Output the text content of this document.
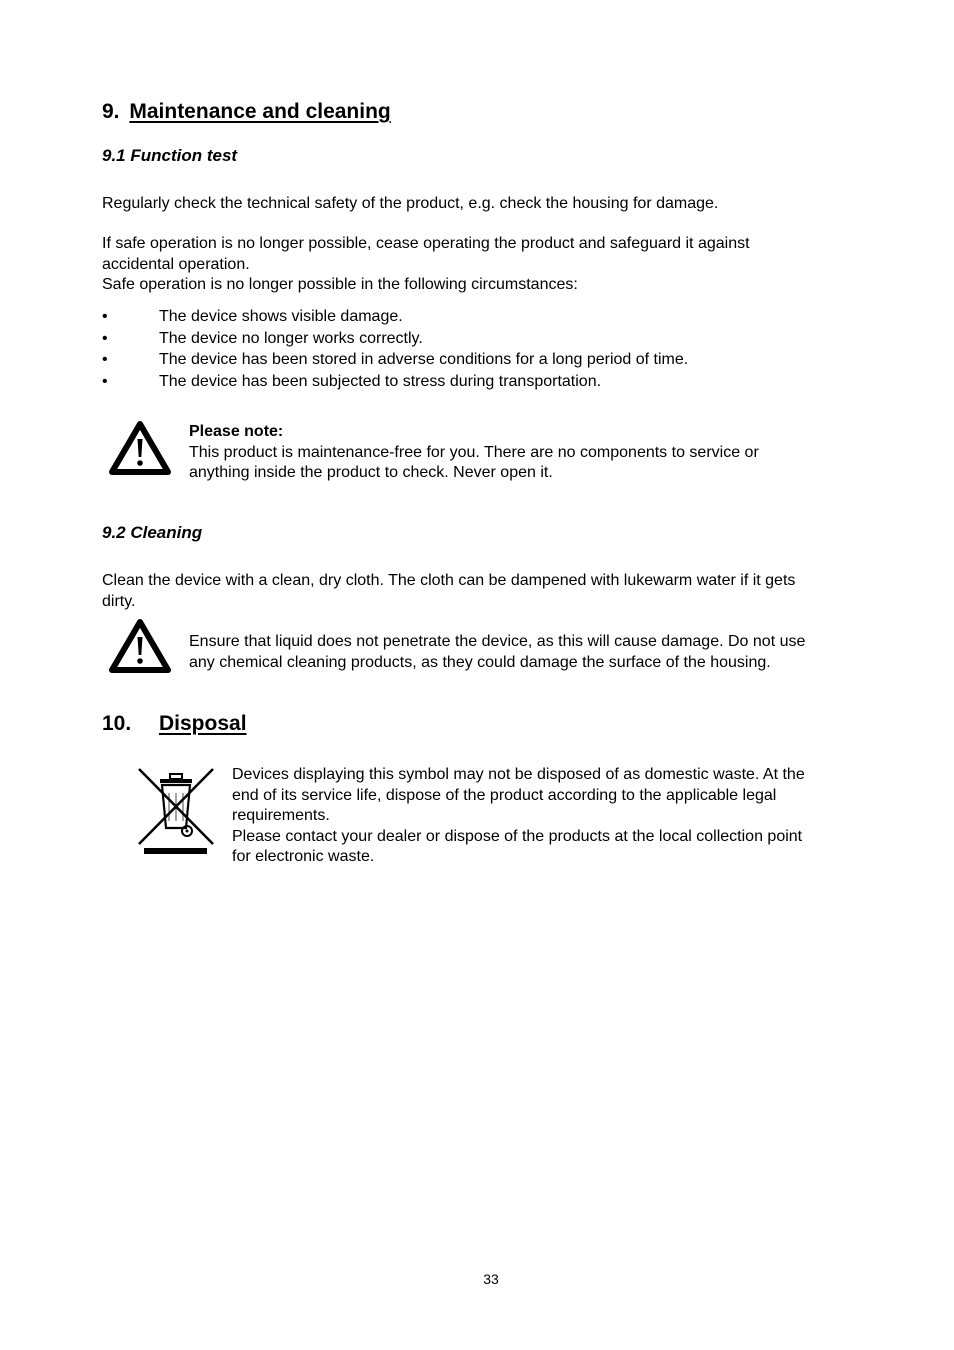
9. Maintenance and cleaning
9.1 Function test
Regularly check the technical safety of the product, e.g. check the housing for damage.
If safe operation is no longer possible, cease operating the product and safeguard it against
accidental operation.
Safe operation is no longer possible in the following circumstances:
•	The device shows visible damage.
•	The device no longer works correctly.
•	The device has been stored in adverse conditions for a long period of time.
•	The device has been subjected to stress during transportation.
Please note:
This product is maintenance-free for you. There are no components to service or
anything inside the product to check. Never open it.
9.2 Cleaning
Clean the device with a clean, dry cloth. The cloth can be dampened with lukewarm water if it gets
dirty.
Ensure that liquid does not penetrate the device, as this will cause damage. Do not use
any chemical cleaning products, as they could damage the surface of the housing.
10. Disposal
Devices displaying this symbol may not be disposed of as domestic waste. At the
end of its service life, dispose of the product according to the applicable legal
requirements.
Please contact your dealer or dispose of the products at the local collection point
for electronic waste.
33
